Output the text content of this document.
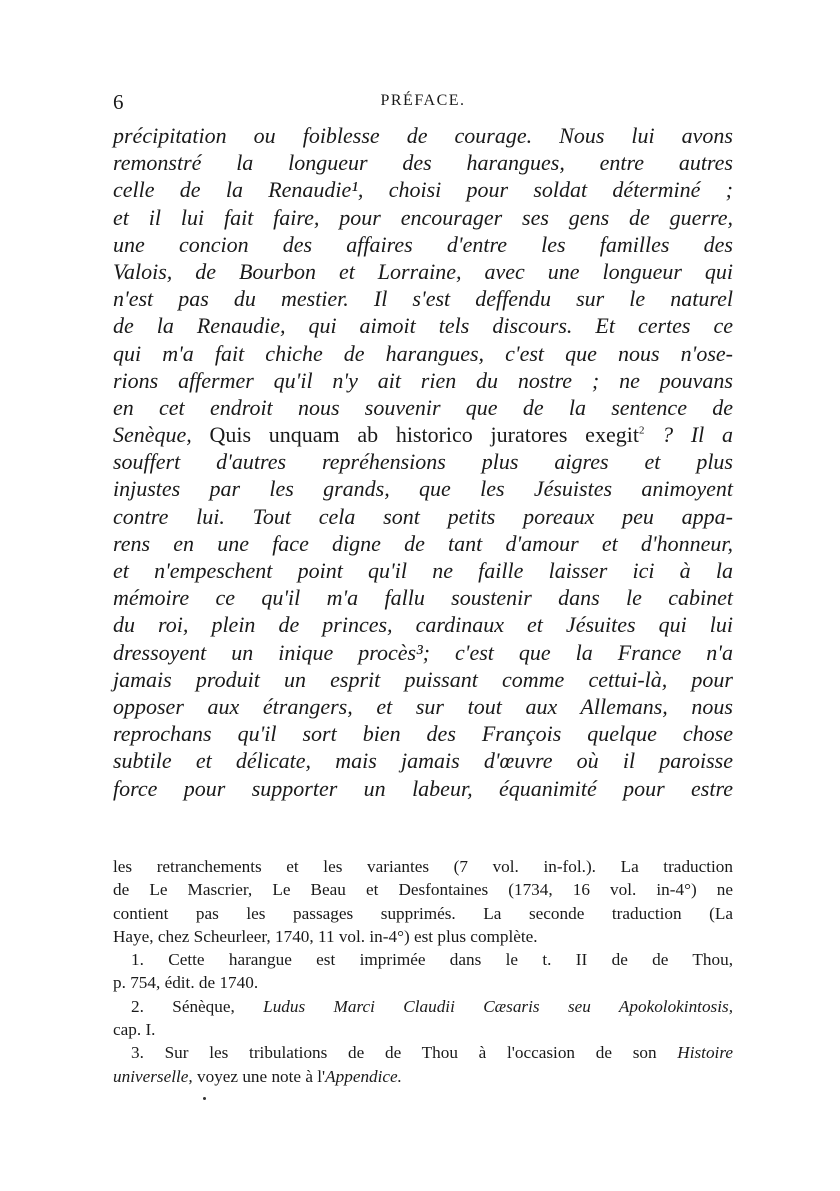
6	PRÉFACE.
précipitation ou foiblesse de courage. Nous lui avons
remonstré la longueur des harangues, entre autres
celle de la Renaudie¹, choisi pour soldat déterminé ;
et il lui fait faire, pour encourager ses gens de guerre,
une concion des affaires d'entre les familles des
Valois, de Bourbon et Lorraine, avec une longueur qui
n'est pas du mestier. Il s'est deffendu sur le naturel
de la Renaudie, qui aimoit tels discours. Et certes ce
qui m'a fait chiche de harangues, c'est que nous n'ose-
rions affermer qu'il n'y ait rien du nostre ; ne pouvans
en cet endroit nous souvenir que de la sentence de
Senèque, Quis unquam ab historico juratores exegit$^2$ ? Il a
souffert d'autres repréhensions plus aigres et plus
injustes par les grands, que les Jésuistes animoyent
contre lui. Tout cela sont petits poreaux peu appa-
rens en une face digne de tant d'amour et d'honneur,
et n'empeschent point qu'il ne faille laisser ici à la
mémoire ce qu'il m'a fallu soustenir dans le cabinet
du roi, plein de princes, cardinaux et Jésuites qui lui
dressoyent un inique procès³; c'est que la France n'a
jamais produit un esprit puissant comme cettui-là, pour
opposer aux étrangers, et sur tout aux Allemans, nous
reprochans qu'il sort bien des François quelque chose
subtile et délicate, mais jamais d'œuvre où il paroisse
force pour supporter un labeur, équanimité pour estre
les retranchements et les variantes (7 vol. in-fol.). La traduction
de Le Mascrier, Le Beau et Desfontaines (1734, 16 vol. in-4°) ne
contient pas les passages supprimés. La seconde traduction (La
Haye, chez Scheurleer, 1740, 11 vol. in-4°) est plus complète.
1. Cette harangue est imprimée dans le t. II de de Thou,
p. 754, édit. de 1740.
2. Sénèque, Ludus Marci Claudii Cæsaris seu Apokolokintosis,
cap. I.
3. Sur les tribulations de de Thou à l'occasion de son Histoire
universelle, voyez une note à l'Appendice.
